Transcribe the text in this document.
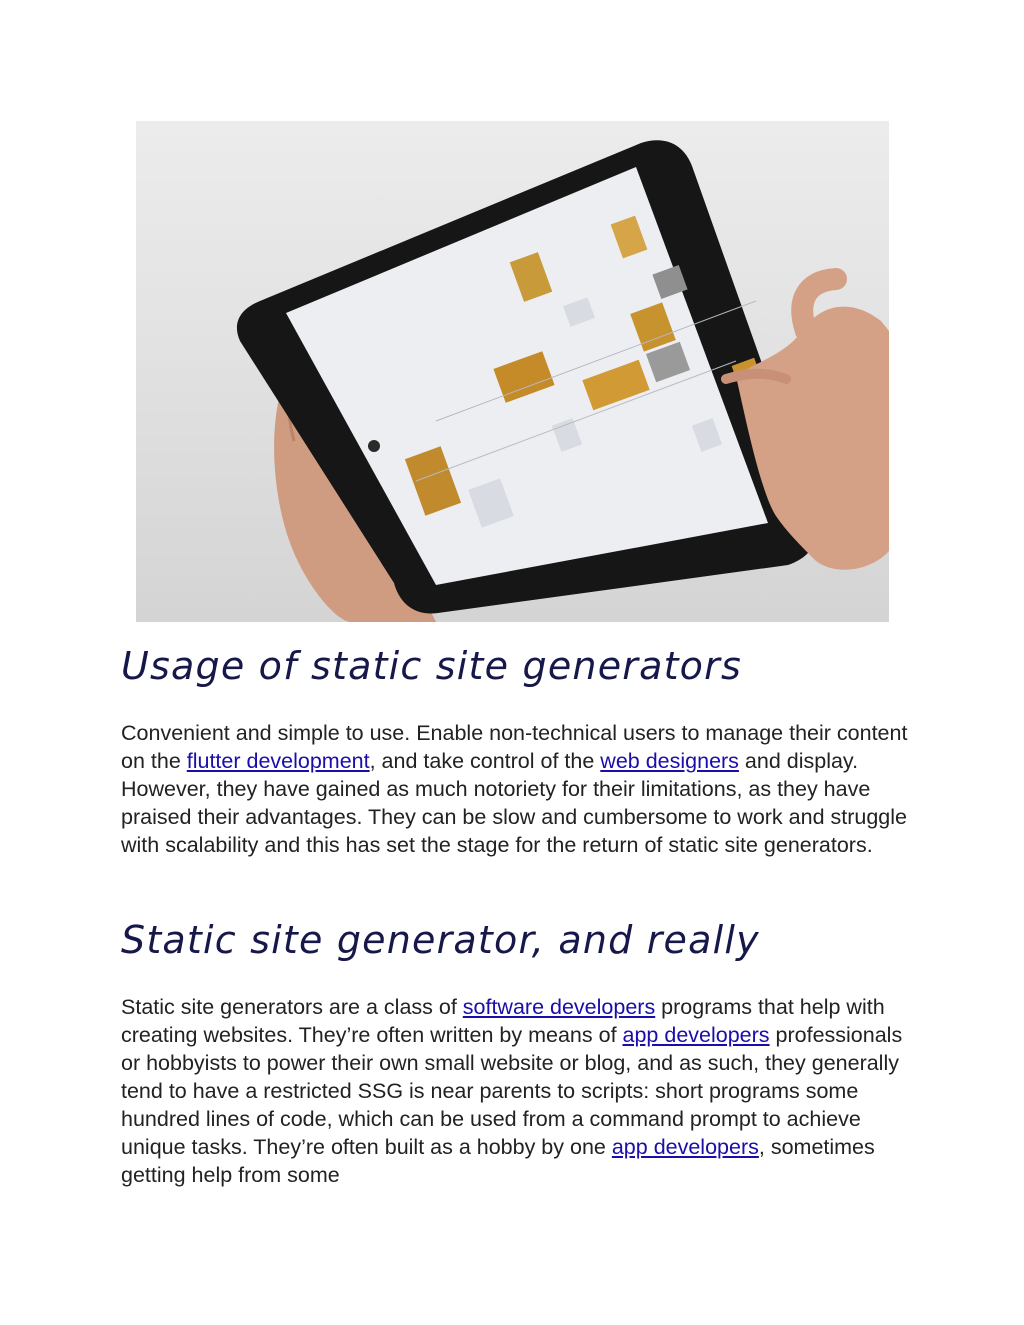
Usage of static site generators

Convenient and simple to use. Enable non-technical users to manage their content on the flutter development, and take control of the web designers and display. However, they have gained as much notoriety for their limitations, as they have praised their advantages. They can be slow and cumbersome to work and struggle with scalability and this has set the stage for the return of static site generators.

Static site generator, and really

Static site generators are a class of software developers programs that help with creating websites. They’re often written by means of app developers professionals or hobbyists to power their own small website or blog, and as such, they generally tend to have a restricted SSG is near parents to scripts: short programs some hundred lines of code, which can be used from a command prompt to achieve unique tasks. They’re often built as a hobby by one app developers, sometimes getting help from some
